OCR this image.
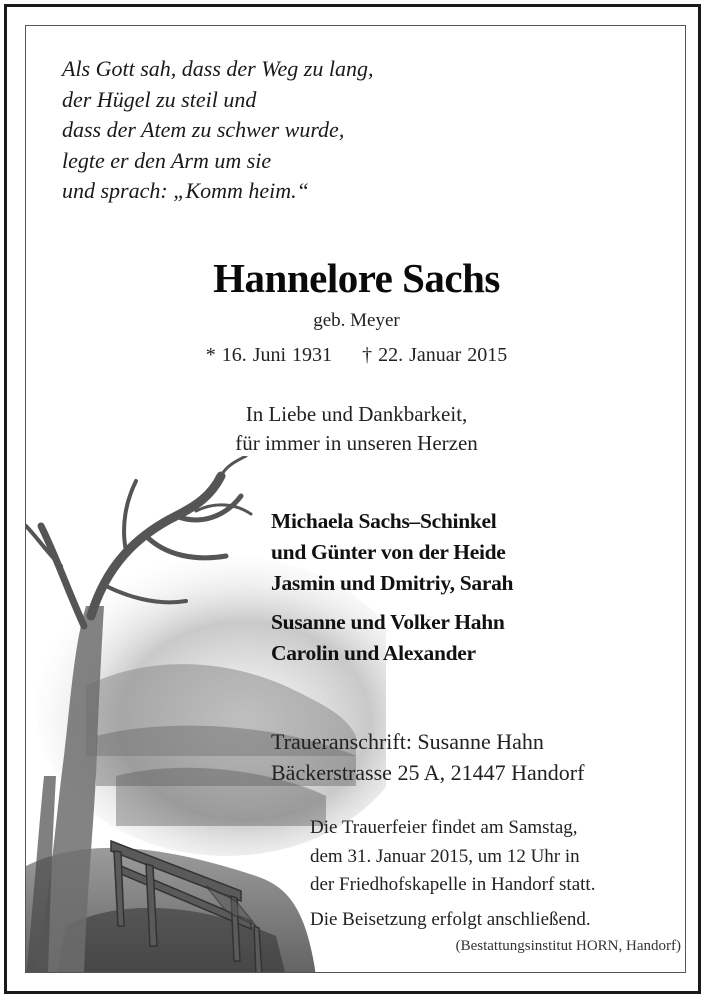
Als Gott sah, dass der Weg zu lang,
der Hügel zu steil und
dass der Atem zu schwer wurde,
legte er den Arm um sie
und sprach: „Komm heim.“
Hannelore Sachs
geb. Meyer
* 16. Juni 1931 † 22. Januar 2015
In Liebe und Dankbarkeit,
für immer in unseren Herzen
Michaela Sachs–Schinkel
und Günter von der Heide
Jasmin und Dmitriy, Sarah
Susanne und Volker Hahn
Carolin und Alexander
Traueranschrift: Susanne Hahn
Bäckerstrasse 25 A, 21447 Handorf
Die Trauerfeier findet am Samstag,
dem 31. Januar 2015, um 12 Uhr in
der Friedhofskapelle in Handorf statt.
Die Beisetzung erfolgt anschließend.
(Bestattungsinstitut HORN, Handorf)
